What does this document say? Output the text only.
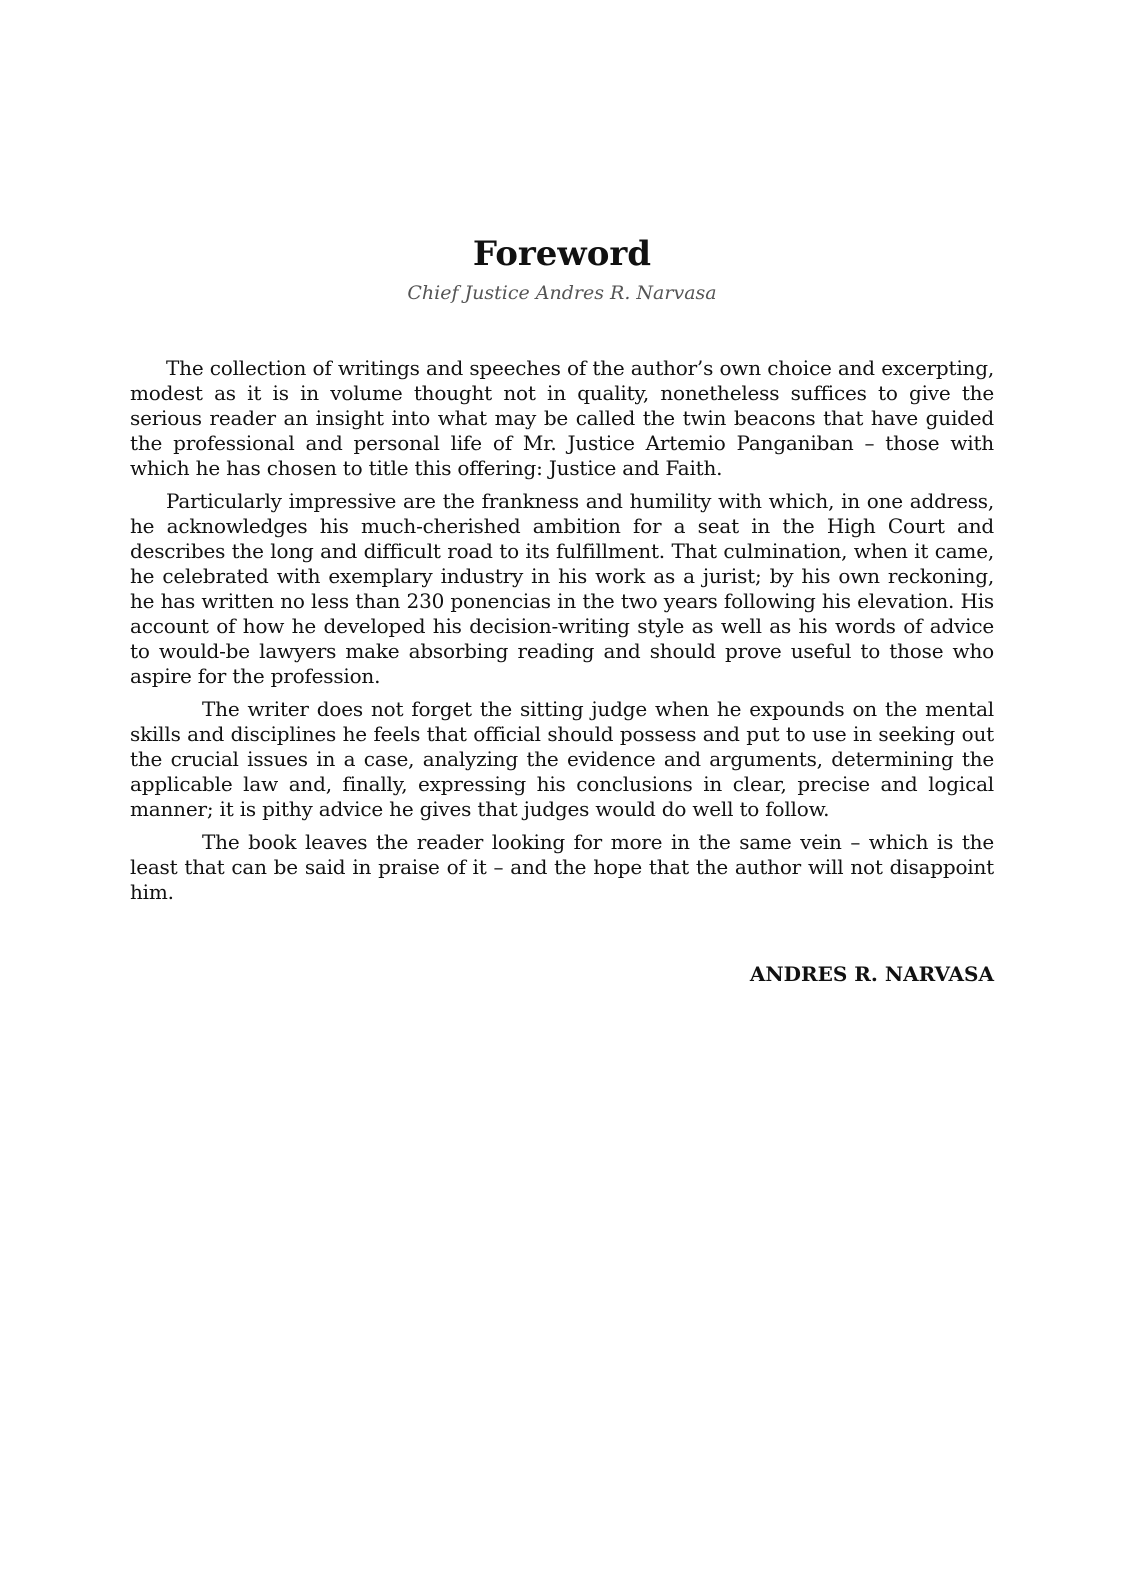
Foreword

Chief Justice Andres R. Narvasa

The collection of writings and speeches of the author’s own choice and excerpting, modest as it is in volume thought not in quality, nonetheless suffices to give the serious reader an insight into what may be called the twin beacons that have guided the professional and personal life of Mr. Justice Artemio Panganiban – those with which he has chosen to title this offering: Justice and Faith.

Particularly impressive are the frankness and humility with which, in one address, he acknowledges his much-cherished ambition for a seat in the High Court and describes the long and difficult road to its fulfillment. That culmination, when it came, he celebrated with exemplary industry in his work as a jurist; by his own reckoning, he has written no less than 230 ponencias in the two years following his elevation. His account of how he developed his decision-writing style as well as his words of advice to would-be lawyers make absorbing reading and should prove useful to those who aspire for the profession.

The writer does not forget the sitting judge when he expounds on the mental skills and disciplines he feels that official should possess and put to use in seeking out the crucial issues in a case, analyzing the evidence and arguments, determining the applicable law and, finally, expressing his conclusions in clear, precise and logical manner; it is pithy advice he gives that judges would do well to follow.

The book leaves the reader looking for more in the same vein – which is the least that can be said in praise of it – and the hope that the author will not disappoint him.

ANDRES R. NARVASA
